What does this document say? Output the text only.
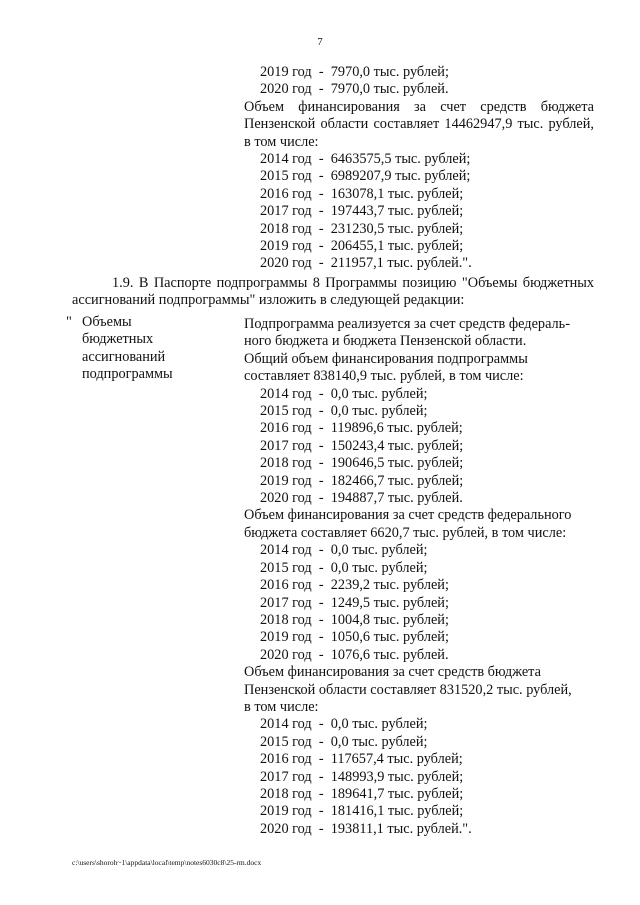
7
2019 год  -  7970,0 тыс. рублей;
2020 год  -  7970,0 тыс. рублей.
Объем финансирования за счет средств бюджета Пензенской области составляет 14462947,9 тыс. рублей, в том числе:
2014 год  -  6463575,5 тыс. рублей;
2015 год  -  6989207,9 тыс. рублей;
2016 год  -  163078,1 тыс. рублей;
2017 год  -  197443,7 тыс. рублей;
2018 год  -  231230,5 тыс. рублей;
2019 год  -  206455,1 тыс. рублей;
2020 год  -  211957,1 тыс. рублей.".
1.9. В Паспорте подпрограммы 8 Программы позицию "Объемы бюджетных ассигнований подпрограммы" изложить в следующей редакции:
" Объемы
бюджетных
ассигнований
подпрограммы
Подпрограмма реализуется за счет средств федераль-
ного бюджета и бюджета Пензенской области.
Общий объем финансирования подпрограммы
составляет 838140,9 тыс. рублей, в том числе:
2014 год  -  0,0 тыс. рублей;
2015 год  -  0,0 тыс. рублей;
2016 год  -  119896,6 тыс. рублей;
2017 год  -  150243,4 тыс. рублей;
2018 год  -  190646,5 тыс. рублей;
2019 год  -  182466,7 тыс. рублей;
2020 год  -  194887,7 тыс. рублей.
Объем финансирования за счет средств федерального
бюджета составляет 6620,7 тыс. рублей, в том числе:
2014 год  -  0,0 тыс. рублей;
2015 год  -  0,0 тыс. рублей;
2016 год  -  2239,2 тыс. рублей;
2017 год  -  1249,5 тыс. рублей;
2018 год  -  1004,8 тыс. рублей;
2019 год  -  1050,6 тыс. рублей;
2020 год  -  1076,6 тыс. рублей.
Объем финансирования за счет средств бюджета
Пензенской области составляет 831520,2 тыс. рублей,
в том числе:
2014 год  -  0,0 тыс. рублей;
2015 год  -  0,0 тыс. рублей;
2016 год  -  117657,4 тыс. рублей;
2017 год  -  148993,9 тыс. рублей;
2018 год  -  189641,7 тыс. рублей;
2019 год  -  181416,1 тыс. рублей;
2020 год  -  193811,1 тыс. рублей.".
c:\users\shoroh~1\appdata\local\temp\notes6030c8\25-rm.docx
